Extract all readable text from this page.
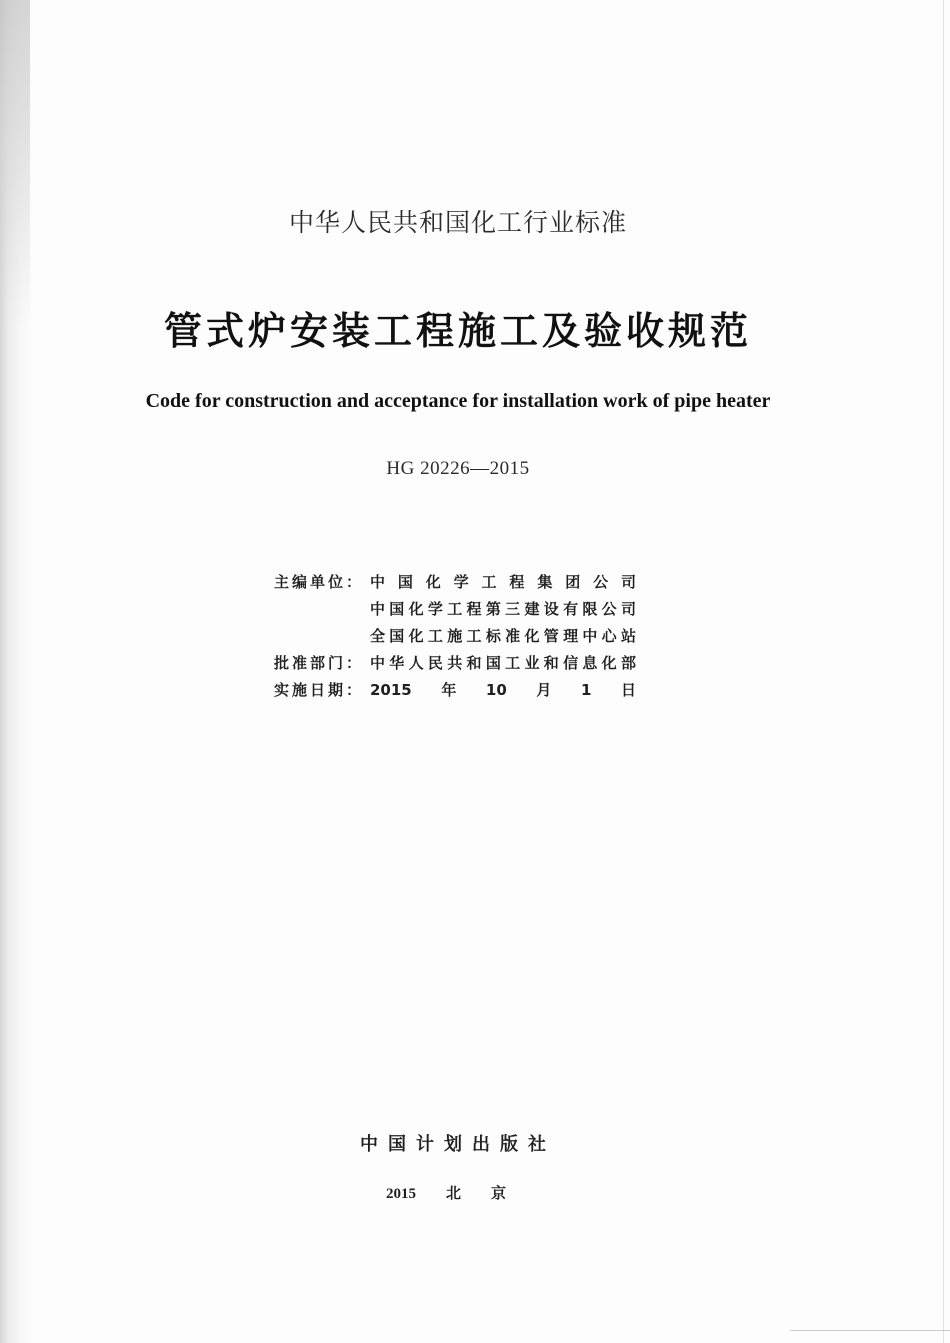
中华人民共和国化工行业标准
管式炉安装工程施工及验收规范
Code for construction and acceptance for installation work of pipe heater
HG 20226—2015
主编单位： 中国化学工程集团公司
中国化学工程第三建设有限公司
全国化工施工标准化管理中心站
批准部门： 中华人民共和国工业和信息化部
实施日期： 2015年10月1日
中国计划出版社
2015 北京
